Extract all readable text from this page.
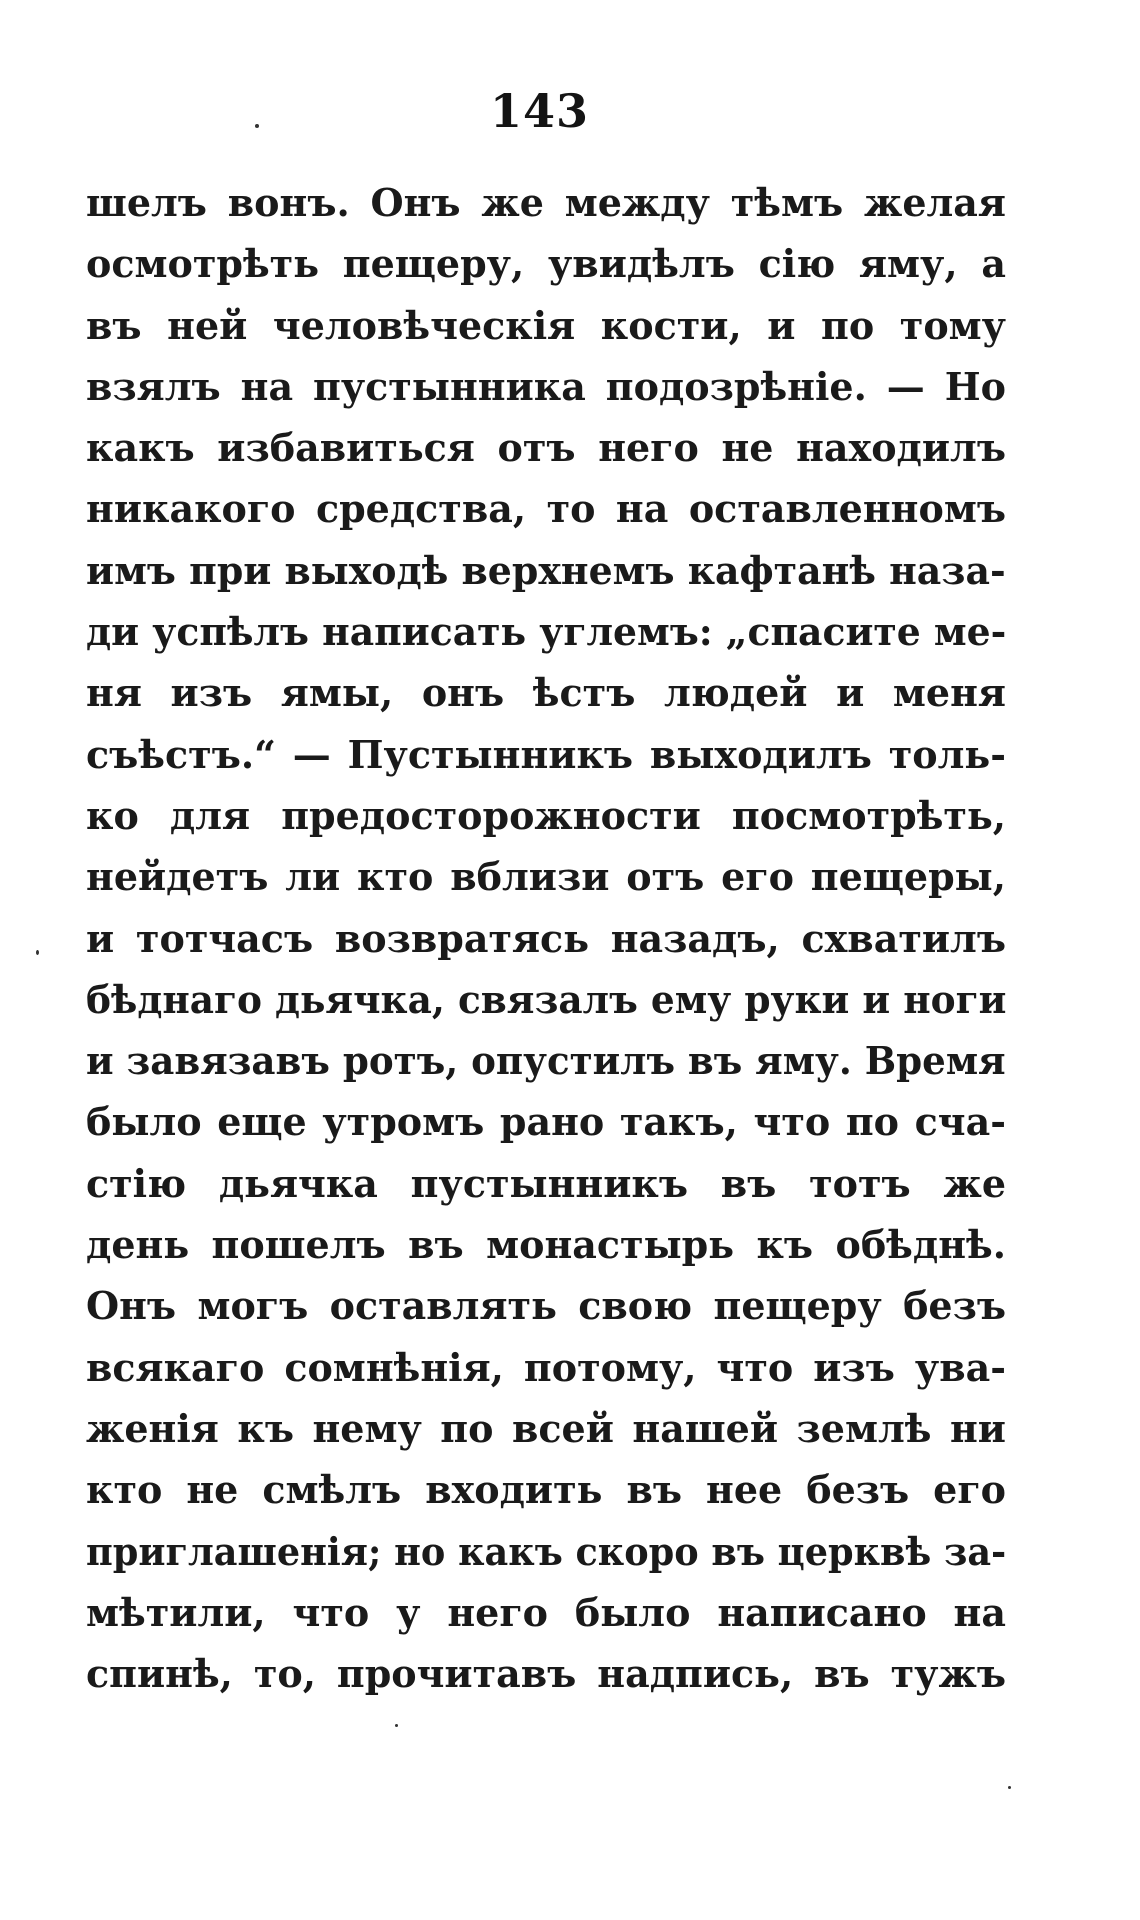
143
шелъ вонъ. Онъ же между тѣмъ желая
осмотрѣть пещеру, увидѣлъ сію яму, а
въ ней человѣческія кости, и по тому
взялъ на пустынника подозрѣніе. — Но
какъ избавиться отъ него не находилъ
никакого средства, то на оставленномъ
имъ при выходѣ верхнемъ кафтанѣ наза-
ди успѣлъ написать углемъ: „спасите ме-
ня изъ ямы, онъ ѣстъ людей и меня
съѣстъ.“ — Пустынникъ выходилъ толь-
ко для предосторожности посмотрѣть,
нейдетъ ли кто вблизи отъ его пещеры,
и тотчасъ возвратясь назадъ, схватилъ
бѣднаго дьячка, связалъ ему руки и ноги
и завязавъ ротъ, опустилъ въ яму. Время
было еще утромъ рано такъ, что по сча-
стію дьячка пустынникъ въ тотъ же
день пошелъ въ монастырь къ обѣднѣ.
Онъ могъ оставлять свою пещеру безъ
всякаго сомнѣнія, потому, что изъ ува-
женія къ нему по всей нашей землѣ ни
кто не смѣлъ входить въ нее безъ его
приглашенія; но какъ скоро въ церквѣ за-
мѣтили, что у него было написано на
спинѣ, то, прочитавъ надпись, въ тужъ
